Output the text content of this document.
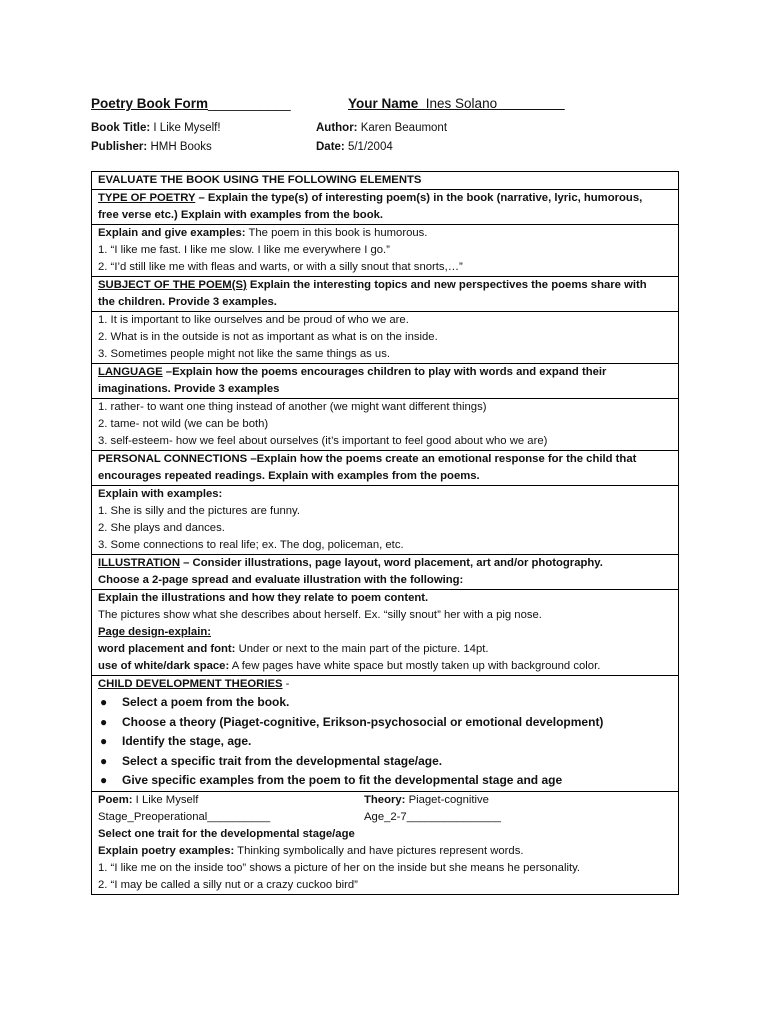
Poetry Book Form___________	Your Name_Ines Solano_________
Book Title: I Like Myself!
Publisher: HMH Books
Author: Karen Beaumont
Date: 5/1/2004
EVALUATE THE BOOK USING THE FOLLOWING ELEMENTS
TYPE OF POETRY – Explain the type(s) of interesting poem(s) in the book (narrative, lyric, humorous,
free verse etc.) Explain with examples from the book.
Explain and give examples: The poem in this book is humorous.
1. “I like me fast. I like me slow. I like me everywhere I go.”
2. “I’d still like me with fleas and warts, or with a silly snout that snorts,…”
SUBJECT OF THE POEM(S) Explain the interesting topics and new perspectives the poems share with
the children. Provide 3 examples.
1. It is important to like ourselves and be proud of who we are.
2. What is in the outside is not as important as what is on the inside.
3. Sometimes people might not like the same things as us.
LANGUAGE –Explain how the poems encourages children to play with words and expand their
imaginations. Provide 3 examples
1. rather- to want one thing instead of another (we might want different things)
2. tame- not wild (we can be both)
3. self-esteem- how we feel about ourselves (it’s important to feel good about who we are)
PERSONAL CONNECTIONS –Explain how the poems create an emotional response for the child that
encourages repeated readings. Explain with examples from the poems.
Explain with examples:
1. She is silly and the pictures are funny.
2. She plays and dances.
3. Some connections to real life; ex. The dog, policeman, etc.
ILLUSTRATION – Consider illustrations, page layout, word placement, art and/or photography.
Choose a 2-page spread and evaluate illustration with the following:
Explain the illustrations and how they relate to poem content.
The pictures show what she describes about herself. Ex. “silly snout” her with a pig nose.
Page design-explain:
word placement and font: Under or next to the main part of the picture. 14pt.
use of white/dark space: A few pages have white space but mostly taken up with background color.
CHILD DEVELOPMENT THEORIES -
●	Select a poem from the book.
●	Choose a theory (Piaget-cognitive, Erikson-psychosocial or emotional development)
●	Identify the stage, age.
●	Select a specific trait from the developmental stage/age.
●	Give specific examples from the poem to fit the developmental stage and age
Poem: I Like Myself	Theory: Piaget-cognitive
Stage_Preoperational__________	Age_2-7_______________
Select one trait for the developmental stage/age
Explain poetry examples: Thinking symbolically and have pictures represent words.
1. “I like me on the inside too” shows a picture of her on the inside but she means he personality.
2. “I may be called a silly nut or a crazy cuckoo bird”
